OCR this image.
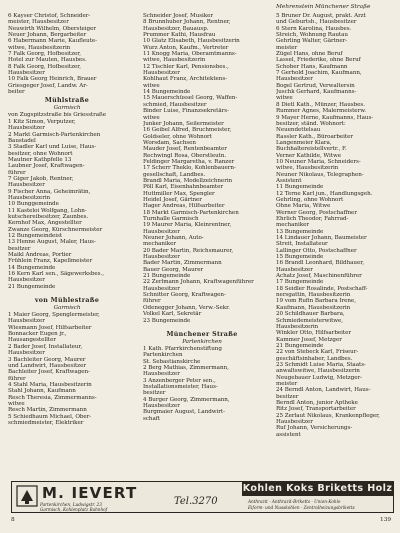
Mehrenstein Münchener Straße
6 Kayser Christof, Schneider-
meister, Hausbesitzer
Neuwirth Wilhelm, Obersteiger
Neuer Johann, Bergarbeiter
6 Habermann Marie, Kaufleute-
witwe, Hausbesitzerin
7 Falk Georg, Hofbesitzer,
Hotel zur Mauten, Hausbes.
8 Falk Georg, Hofbesitzer,
Hausbesitzer
10 Falk Georg Heinrich, Brauer
Griesgeger Josef, Landw. Ar-
beiter
Mühlstraße
Garmisch
von Zugspitzstraße bis Griesstraße
1 Kitz Simon, Verputzer,
Hausbesitzer
2 Markt Garmisch-Partenkirchen
Baustadel
3 Stadler Karl und Luise, Haus-
besitzer, ohne Wohnort
Mautner Kathpfelle 13
Laubner Josef, Kraftwagen-
führer
7 Giger Jakob, Rentner,
Hausbesitzer
9 Fischer Anna, Geheimrätin,
Hausbesitzerin
10 Bunggemeinde
11 Kasteloi Wolfgang, Lohn-
kutschereibesitzer, Zaunbes.
Kernhof Max, Angestellter
Zwanze Georg, Kürschnermeister
12 Bungemeindeist
13 Henne August, Maler, Haus-
besitzer
Maikl Andreas, Portier
Frühlein Franz, Kapellmeister
14 Bungemeinde
16 Kern Karl sen., Sägewerksbes.,
Hausbesitzer
21 Bungemeinde
von Mühlestraße
Garmisch
1 Maier Georg, Spenglermeister,
Hausbesitzer
Wiesmann Josef, Hilfsarbeiter
Bonnacker Eugen jr.,
Hausangestellter
2 Bader Josef, Installateur,
Hausbesitzer
3 Bachleiter Georg, Maurer
und Landwirt, Hausbesitzer
Bachleiter Josef, Kraftwagen-
führer
4 Stahl Maria, Hausbesitzerin
Stahl Johann, Kaufmann
Resch Theresia, Zimmermanns-
witwe
Resch Martin, Zimmermann
5 Schiedhaum Michael, Ober-
schmiedmeister, Elektriker
Schneider Josef, Musiker
8 Brunnhuber Johann, Rentner,
Hausbesitzer, Bauausp.
Prummer Kathi, Hausfrau
10 Glatz Elisabeth, Hausbesitzerin
Wurz Anton, Kaufm., Vertreter
11 Knogg Maria, Oberamtmanns-
witwe, Hausbesitzerin
12 Tischler Karl, Pensionsbes.,
Hausbesitzer
Kohlhaut Franz, Architektens-
witwe
14 Bungemeinde
15 Mauerschüssel Georg, Waffen-
schmied, Hausbesitzer
Binder Luise, Finanzsekretärs-
witwe
Junker Johann, Seilermeister
16 Geibel Alfred, Bruchmeister,
Goldseler, ohne Wohnort
Worsdam, Sachsen
Mauder Josef, Rentenbeamter
Rechwingl Rosa, Oberstleutn.
Feldinger Margaretha, v. Ranzer
17 Scherr Theklo, Kohlenbauern-
gesellschaft, Landbes.
Brandl Maria, Modellzeichnerin
Pöll Karl, Eisenbahnbeamter
Huttmiller Max, Spengler
Heidel Josef, Gärtner
Hager Andreas, Hilfsarbeiter
18 Markt Garmisch-Partenkirchen
Turnhalle Garmisch
19 Maurer Maria, Kleinrentner,
Hausbesitzer
Neuner Johann, Auto-
mechaniker
20 Bader Martin, Reichsmaurer,
Hausbesitzer
Bader Martin, Zimmermann
Bauer Georg, Maurer
21 Bungemeinde
22 Zerlmann Johann, Kraftwagenführer
Hausbesitzer
Schnitter Georg, Kraftwagen-
führer
Odenegger Johann, Verw.-Sekr.
Volkel Karl, Sekretär
23 Bungemeinde
Münchener Straße
Partenkirchen
1 Kath. Pfarrkirchenstiftung
Partenkirchen
St. Sebastianskirche
2 Berg Mathias, Zimmermann,
Hausbesitzer
3 Anzenberger Peter sen.,
Installationsmeister, Haus-
besitzer
4 Burger Georg, Zimmermann,
Hausbesitzer
Burgmaier August, Landwirt-
schaft
5 Bruner Dr. August, prakt. Arzt
und Geburtsh., Hausbesitzer
6 Stern Karolina, Hausbes.
Streich, Wohnung Rautau
Gehrling Walter, Gärtner-
meister
Zügel Hans, ohne Beruf
Lassel, Friederike, ohne Beruf
Schober Hans, Kaufmann
7 Gerhold Joachim, Kaufmann,
Hausbesitzer
Bogel Gertrud, Verwaltersin
Juschk Gerhard, Kaufmanns-
witwe
8 Dietl Kath., Münzer, Hausbes.
Rummer Agnes, Malermeisterw.
9 Mayer Herne, Kaufmanns, Haus-
besitzer, ständ. Wohnort:
Neuendettelsau
Rassler Kath., Büroarbeiter
Langenmeier Klara,
Buchhaltereistellvertr., F.
Verner Kathilde, Witwe
10 Neuner Maria, Schneiders-
witwe, Hausbesitzerin
Neuner Nikolaus, Telegraphen-
Assistent
11 Bungemeinde
12 Terne Karl jun., Handlungsgeh.
Gehrling, ohne Wohnort
Ohne Maria, Witwe
Werner Georg, Postschaffner
Ehrlich Theodor, Fahrrad-
mechaniker
13 Bungemeinde
14 Lindauer Johann, Baumeister
Streit, Installateur
Lallinger Otto, Postschaffner
15 Bungemeinde
16 Brandl Leonhard, Bildhauer,
Hausbesitzer
Achatz Josef, Maschinenführer
17 Bungemeinde
18 Seidler Rosalinde, Postschaff-
nersgattin, Hausbesitzerin
19 vom Rufin Barbara Irene,
Kaufmann, Hausbesitzerin
20 Schildhauer Barbara,
Schmiedemeisterwitwe,
Hausbesitzerin
Winkler Otto, Hilfsarbeiter
Kammer Josef, Metzger
21 Bungemeinde
22 von Stebeck Karl, Friseur-
geschäftsinhaber, Landbes.
23 Schmidt Luise Maria, Staats-
anwaltswitwe, Hausbesitzerin
Neugebauer Ludwig, Metzger-
meister
24 Berndl Anton, Landwirt, Haus-
besitzer
Berndl Anton, junior Aptheke
Ritz Josef, Transportarbeiter
25 Zerlaut Nikolaus, Krankenpfleger,
Hausbesitzer
Ruf Johann, Versicherungs-
assistent
M. IEVERT	Tel.3270
Partenkirchen, Ludwigstr. 23
Garmisch, Kohlenplatz Bahnhof
Kohlen Koks Briketts Holz
Anthrazit - Anthrazit-Briketts - Union-Kohle
Eiform- und Nusskohlen - Zentralheizungsbriketts
8	139
